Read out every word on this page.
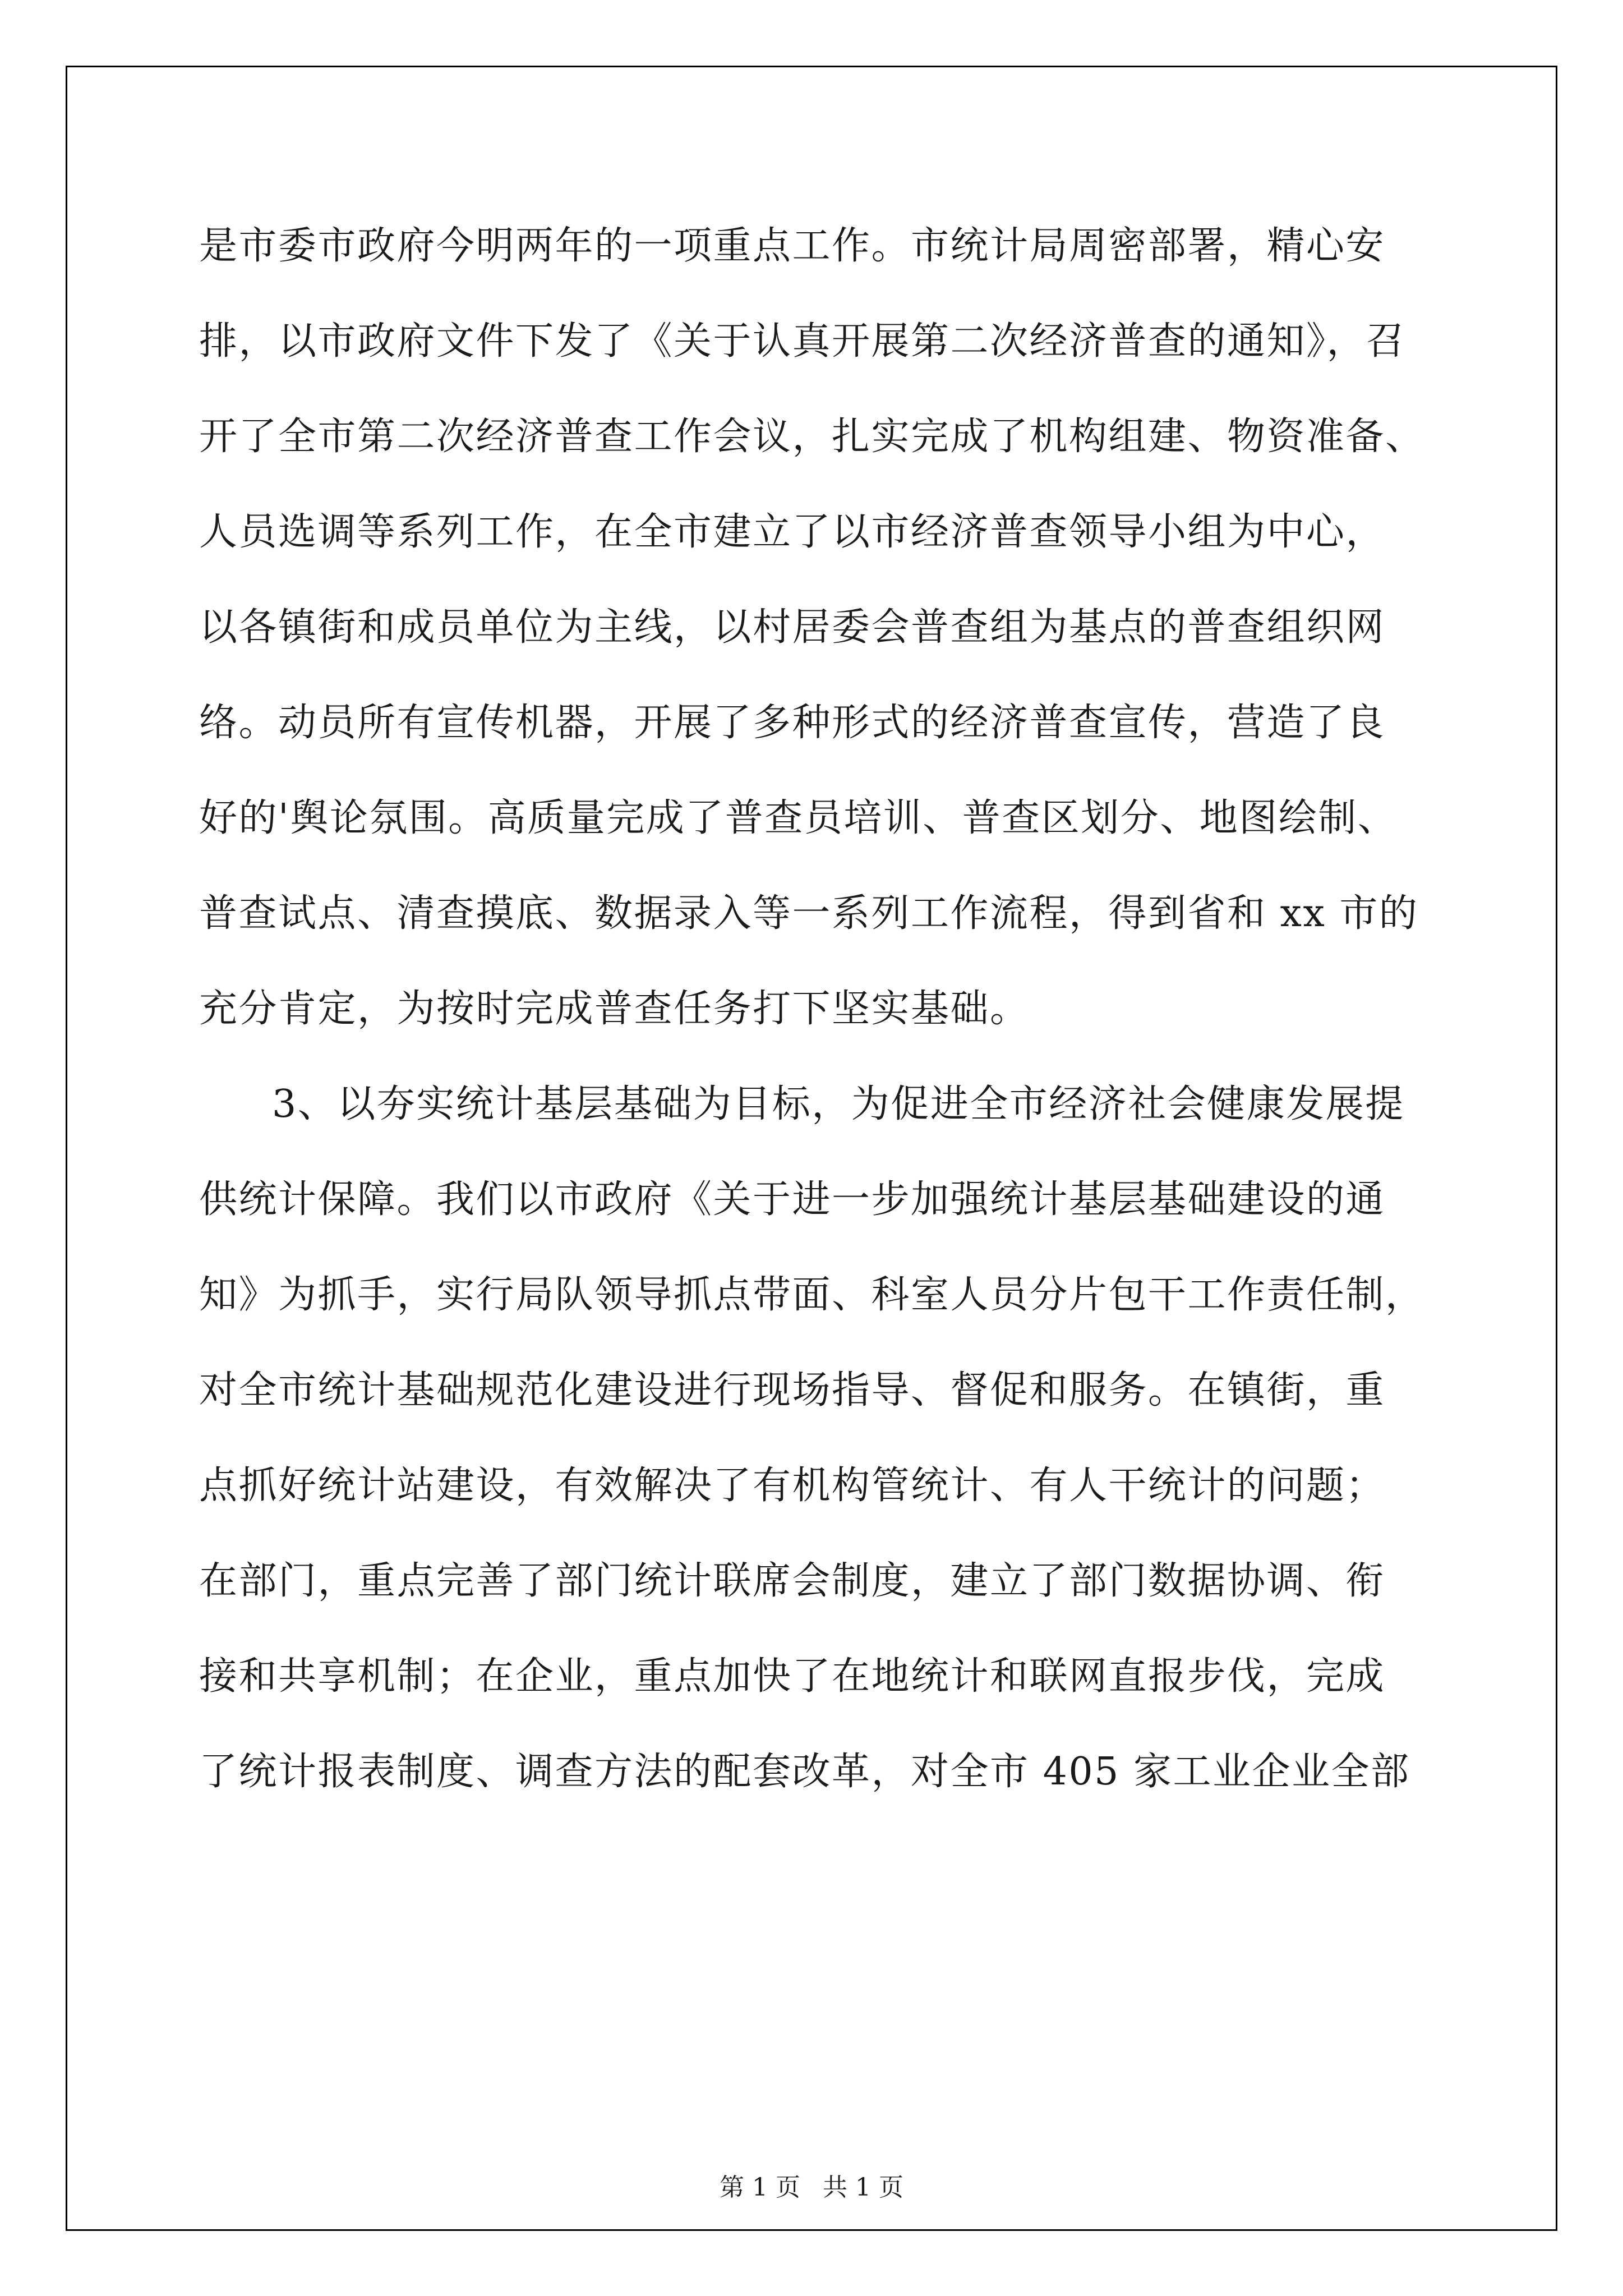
是市委市政府今明两年的一项重点工作。市统计局周密部署，精心安
排，以市政府文件下发了《关于认真开展第二次经济普查的通知》，召
开了全市第二次经济普查工作会议，扎实完成了机构组建、物资准备、
人员选调等系列工作，在全市建立了以市经济普查领导小组为中心，
以各镇街和成员单位为主线，以村居委会普查组为基点的普查组织网
络。动员所有宣传机器，开展了多种形式的经济普查宣传，营造了良
好的'舆论氛围。高质量完成了普查员培训、普查区划分、地图绘制、
普查试点、清查摸底、数据录入等一系列工作流程，得到省和 xx 市的
充分肯定，为按时完成普查任务打下坚实基础。
3、以夯实统计基层基础为目标，为促进全市经济社会健康发展提
供统计保障。我们以市政府《关于进一步加强统计基层基础建设的通
知》为抓手，实行局队领导抓点带面、科室人员分片包干工作责任制，
对全市统计基础规范化建设进行现场指导、督促和服务。在镇街，重
点抓好统计站建设，有效解决了有机构管统计、有人干统计的问题；
在部门，重点完善了部门统计联席会制度，建立了部门数据协调、衔
接和共享机制；在企业，重点加快了在地统计和联网直报步伐，完成
了统计报表制度、调查方法的配套改革，对全市 405 家工业企业全部
第 1 页 共 1 页
